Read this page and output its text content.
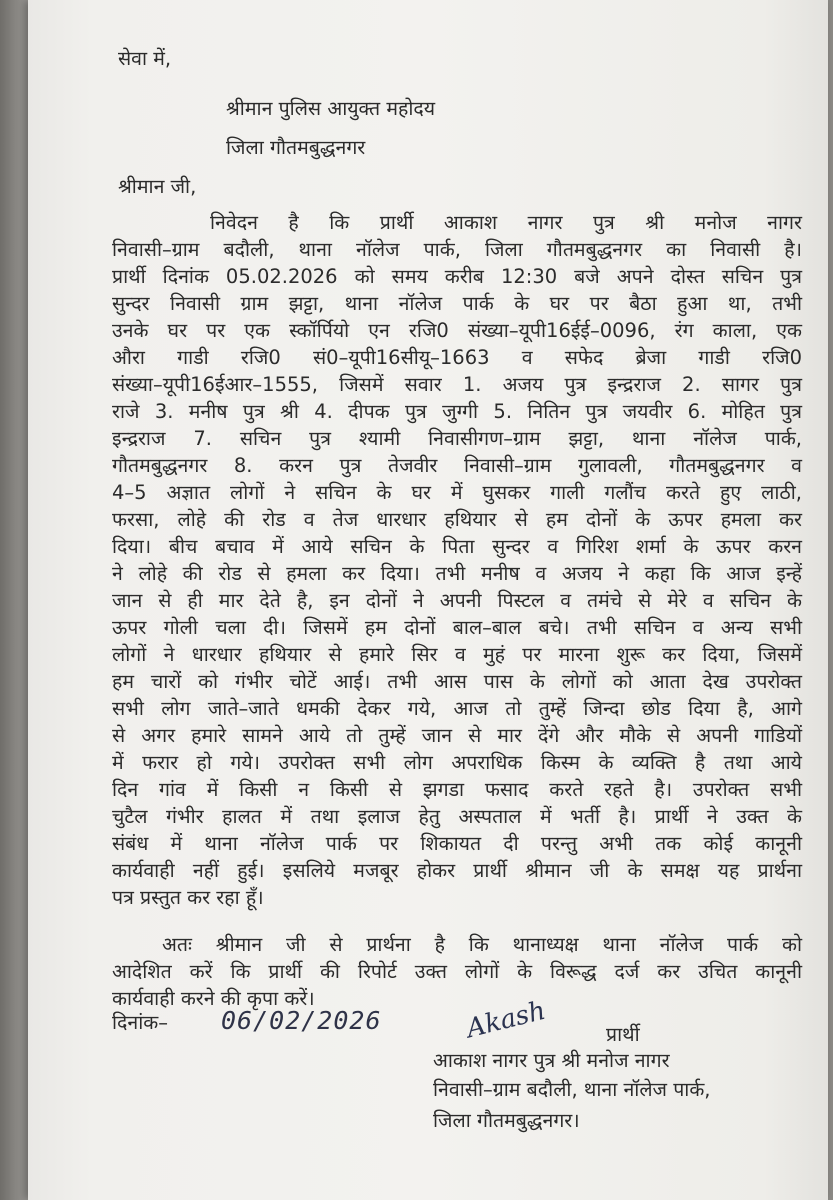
सेवा में,
श्रीमान पुलिस आयुक्त महोदय
जिला गौतमबुद्धनगर
श्रीमान जी,
निवेदन है कि प्रार्थी आकाश नागर पुत्र श्री मनोज नागर
निवासी–ग्राम बदौली, थाना नॉलेज पार्क, जिला गौतमबुद्धनगर का निवासी है।
प्रार्थी दिनांक 05.02.2026 को समय करीब 12:30 बजे अपने दोस्त सचिन पुत्र
सुन्दर निवासी ग्राम झट्टा, थाना नॉलेज पार्क के घर पर बैठा हुआ था, तभी
उनके घर पर एक स्कॉर्पियो एन रजि0 संख्या–यूपी16ईई–0096, रंग काला, एक
औरा गाडी रजि0 सं0–यूपी16सीयू–1663 व सफेद ब्रेजा गाडी रजि0
संख्या–यूपी16ईआर–1555, जिसमें सवार 1. अजय पुत्र इन्द्रराज 2. सागर पुत्र
राजे 3. मनीष पुत्र श्री 4. दीपक पुत्र जुग्गी 5. नितिन पुत्र जयवीर 6. मोहित पुत्र
इन्द्रराज 7. सचिन पुत्र श्यामी निवासीगण–ग्राम झट्टा, थाना नॉलेज पार्क,
गौतमबुद्धनगर 8. करन पुत्र तेजवीर निवासी–ग्राम गुलावली, गौतमबुद्धनगर व
4–5 अज्ञात लोगों ने सचिन के घर में घुसकर गाली गलौंच करते हुए लाठी,
फरसा, लोहे की रोड व तेज धारधार हथियार से हम दोनों के ऊपर हमला कर
दिया। बीच बचाव में आये सचिन के पिता सुन्दर व गिरिश शर्मा के ऊपर करन
ने लोहे की रोड से हमला कर दिया। तभी मनीष व अजय ने कहा कि आज इन्हें
जान से ही मार देते है, इन दोनों ने अपनी पिस्टल व तमंचे से मेरे व सचिन के
ऊपर गोली चला दी। जिसमें हम दोनों बाल–बाल बचे। तभी सचिन व अन्य सभी
लोगों ने धारधार हथियार से हमारे सिर व मुहं पर मारना शुरू कर दिया, जिसमें
हम चारों को गंभीर चोटें आई। तभी आस पास के लोगों को आता देख उपरोक्त
सभी लोग जाते–जाते धमकी देकर गये, आज तो तुम्हें जिन्दा छोड दिया है, आगे
से अगर हमारे सामने आये तो तुम्हें जान से मार देंगे और मौके से अपनी गाडियों
में फरार हो गये। उपरोक्त सभी लोग अपराधिक किस्म के व्यक्ति है तथा आये
दिन गांव में किसी न किसी से झगडा फसाद करते रहते है। उपरोक्त सभी
चुटैल गंभीर हालत में तथा इलाज हेतु अस्पताल में भर्ती है। प्रार्थी ने उक्त के
संबंध में थाना नॉलेज पार्क पर शिकायत दी परन्तु अभी तक कोई कानूनी
कार्यवाही नहीं हुई। इसलिये मजबूर होकर प्रार्थी श्रीमान जी के समक्ष यह प्रार्थना
पत्र प्रस्तुत कर रहा हूँ।
अतः श्रीमान जी से प्रार्थना है कि थानाध्यक्ष थाना नॉलेज पार्क को
आदेशित करें कि प्रार्थी की रिपोर्ट उक्त लोगों के विरूद्ध दर्ज कर उचित कानूनी
कार्यवाही करने की कृपा करें।
दिनांक– 06/02/2026	Akash	प्रार्थी
आकाश नागर पुत्र श्री मनोज नागर
निवासी–ग्राम बदौली, थाना नॉलेज पार्क,
जिला गौतमबुद्धनगर।
